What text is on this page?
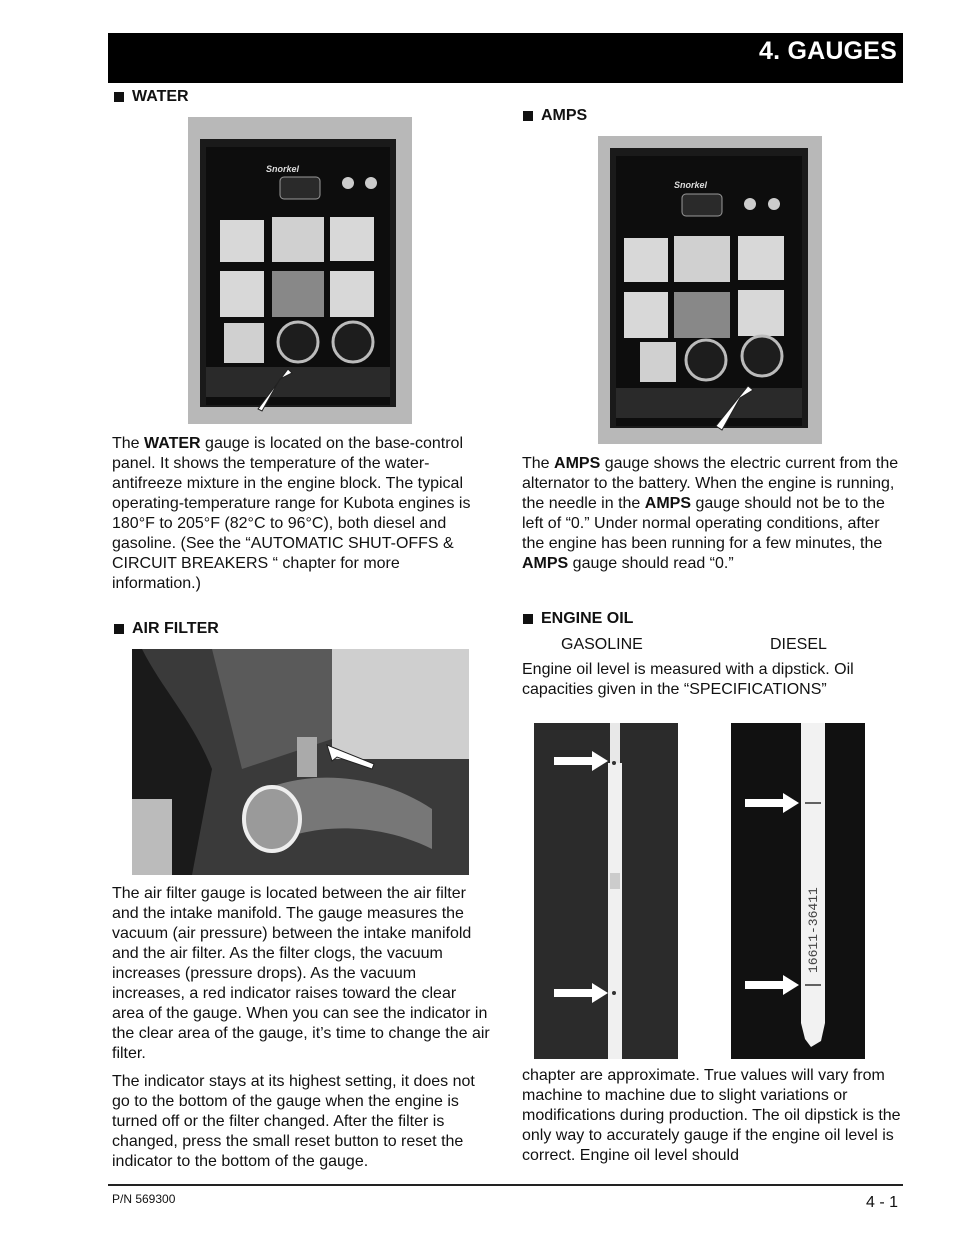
4. GAUGES
WATER
Snorkel
The WATER gauge is located on the base-control panel. It shows the temperature of the water-antifreeze mixture in the engine block. The typical operating-temperature range for Kubota engines is 180°F to 205°F (82°C to 96°C), both diesel and gasoline. (See the “AUTOMATIC SHUT-OFFS & CIRCUIT BREAKERS “ chapter for more information.)
AIR FILTER
The air filter gauge is located between the air filter and the intake manifold. The gauge measures the vacuum (air pressure) between the intake manifold and the air filter. As the filter clogs, the vacuum increases (pressure drops). As the vacuum increases, a red indicator raises toward the clear area of the gauge. When you can see the indicator in the clear area of the gauge, it’s time to change the air filter.
The indicator stays at its highest setting, it does not go to the bottom of the gauge when the engine is turned off or the filter changed. After the filter is changed, press the small reset button to reset the indicator to the bottom of the gauge.
AMPS
Snorkel
The AMPS gauge shows the electric current from the alternator to the battery. When the engine is running, the needle in the AMPS gauge should not be to the left of “0.” Under normal operating conditions, after the engine has been running for a few minutes, the AMPS gauge should read “0.”
ENGINE OIL
GASOLINE	DIESEL
Engine oil level is measured with a dipstick. Oil capacities given in the “SPECIFICATIONS”
16611-36411
chapter are approximate. True values will vary from machine to machine due to slight variations or modifications during production. The oil dipstick is the only way to accurately gauge if the engine oil level is correct. Engine oil level should
P/N 569300	4 - 1
